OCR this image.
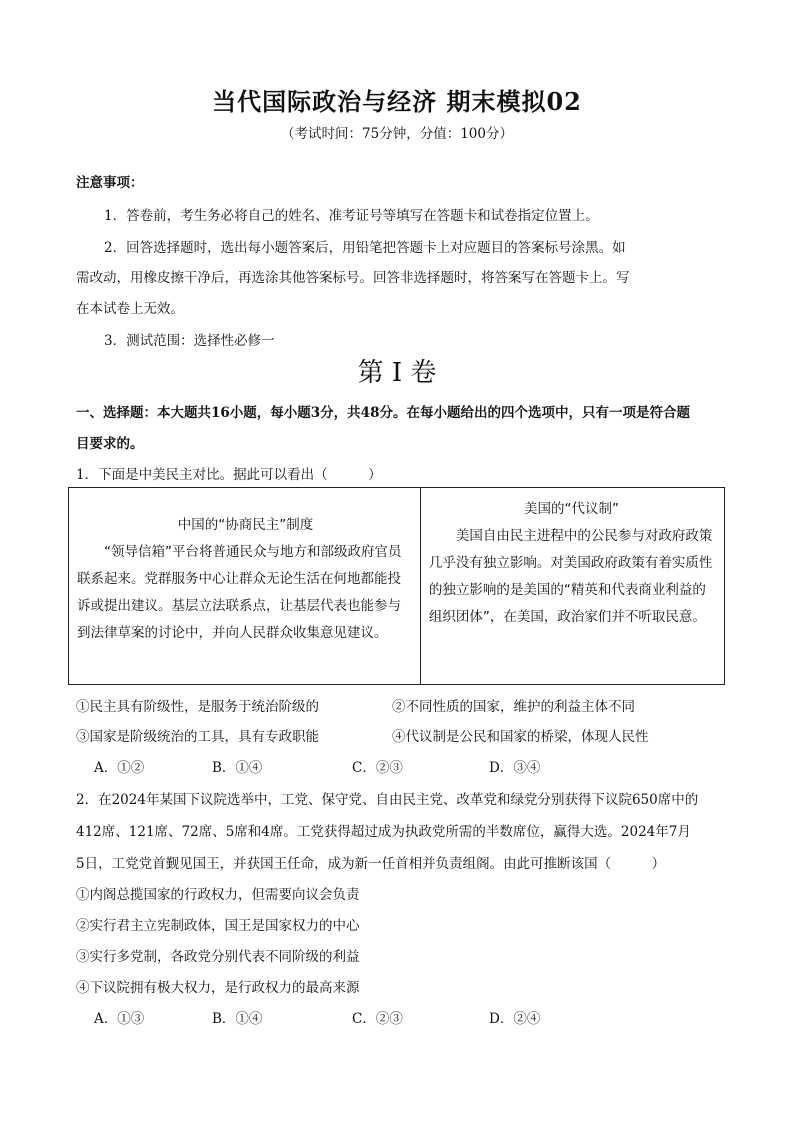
当代国际政治与经济 期末模拟02
（考试时间：75分钟，分值：100分）
注意事项：
1．答卷前，考生务必将自己的姓名、准考证号等填写在答题卡和试卷指定位置上。
2．回答选择题时，选出每小题答案后，用铅笔把答题卡上对应题目的答案标号涂黑。如
需改动，用橡皮擦干净后，再选涂其他答案标号。回答非选择题时，将答案写在答题卡上。写
在本试卷上无效。
3．测试范围：选择性必修一
第 I 卷
一、选择题：本大题共16小题，每小题3分，共48分。在每小题给出的四个选项中，只有一项是符合题
目要求的。
1．下面是中美民主对比。据此可以看出（　　　）

中国的“协商民主”制度

“领导信箱”平台将普通民众与地方和部级政府官员联系起来。党群服务中心让群众无论生活在何地都能投诉或提出建议。基层立法联系点，让基层代表也能参与到法律草案的讨论中，并向人民群众收集意见建议。

美国的“代议制”

美国自由民主进程中的公民参与对政府政策几乎没有独立影响。对美国政府政策有着实质性的独立影响的是美国的“精英和代表商业利益的组织团体”，在美国，政治家们并不听取民意。

①民主具有阶级性，是服务于统治阶级的	②不同性质的国家，维护的利益主体不同
③国家是阶级统治的工具，具有专政职能	④代议制是公民和国家的桥梁，体现人民性
A．①②	B．①④	C．②③	D．③④
2．在2024年某国下议院选举中，工党、保守党、自由民主党、改革党和绿党分别获得下议院650席中的
412席、121席、72席、5席和4席。工党获得超过成为执政党所需的半数席位，赢得大选。2024年7月
5日，工党党首觐见国王，并获国王任命，成为新一任首相并负责组阁。由此可推断该国（　　　）
①内阁总揽国家的行政权力，但需要向议会负责
②实行君主立宪制政体，国王是国家权力的中心
③实行多党制，各政党分别代表不同阶级的利益
④下议院拥有极大权力，是行政权力的最高来源
A．①③	B．①④	C．②③	D．②④
